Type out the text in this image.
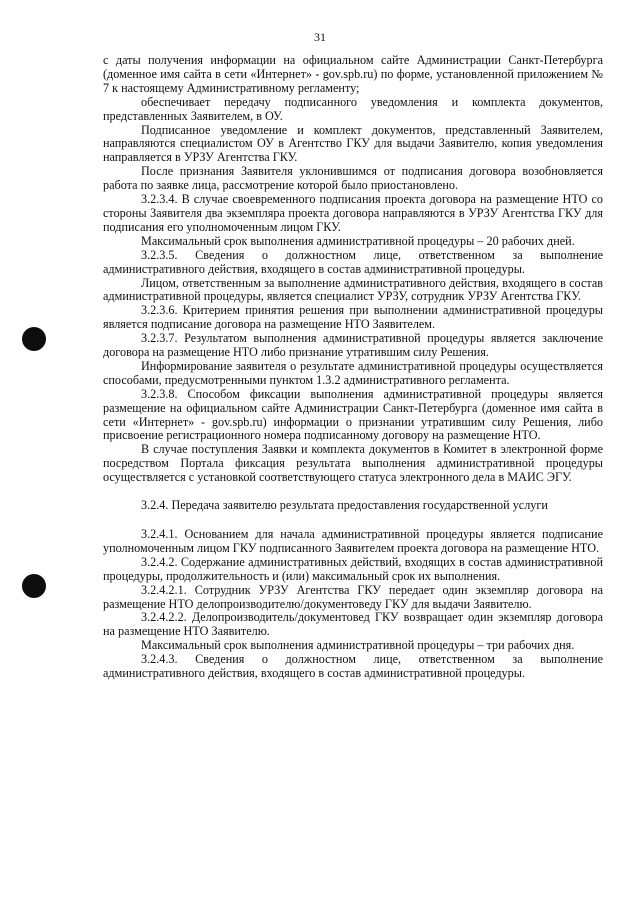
31

с даты получения информации на официальном сайте Администрации Санкт-Петербурга (доменное имя сайта в сети «Интернет» - gov.spb.ru) по форме, установленной приложением № 7 к настоящему Административному регламенту;

обеспечивает передачу подписанного уведомления и комплекта документов, представленных Заявителем, в ОУ.

Подписанное уведомление и комплект документов, представленный Заявителем, направляются специалистом ОУ в Агентство ГКУ для выдачи Заявителю, копия уведомления направляется в УРЗУ Агентства ГКУ.

После признания Заявителя уклонившимся от подписания договора возобновляется работа по заявке лица, рассмотрение которой было приостановлено.

3.2.3.4. В случае своевременного подписания проекта договора на размещение НТО со стороны Заявителя два экземпляра проекта договора направляются в УРЗУ Агентства ГКУ для подписания его уполномоченным лицом ГКУ.

Максимальный срок выполнения административной процедуры – 20 рабочих дней.

3.2.3.5. Сведения о должностном лице, ответственном за выполнение административного действия, входящего в состав административной процедуры.

Лицом, ответственным за выполнение административного действия, входящего в состав административной процедуры, является специалист УРЗУ, сотрудник УРЗУ Агентства ГКУ.

3.2.3.6. Критерием принятия решения при выполнении административной процедуры является подписание договора на размещение НТО Заявителем.

3.2.3.7. Результатом выполнения административной процедуры является заключение договора на размещение НТО либо признание утратившим силу Решения.

Информирование заявителя о результате административной процедуры осуществляется способами, предусмотренными пунктом 1.3.2 административного регламента.

3.2.3.8. Способом фиксации выполнения административной процедуры является размещение на официальном сайте Администрации Санкт-Петербурга (доменное имя сайта в сети «Интернет» - gov.spb.ru) информации о признании утратившим силу Решения, либо присвоение регистрационного номера подписанному договору на размещение НТО.

В случае поступления Заявки и комплекта документов в Комитет в электронной форме посредством Портала фиксация результата выполнения административной процедуры осуществляется с установкой соответствующего статуса электронного дела в МАИС ЭГУ.

3.2.4. Передача заявителю результата предоставления государственной услуги

3.2.4.1. Основанием для начала административной процедуры является подписание уполномоченным лицом ГКУ подписанного Заявителем проекта договора на размещение НТО.

3.2.4.2. Содержание административных действий, входящих в состав административной процедуры, продолжительность и (или) максимальный срок их выполнения.

3.2.4.2.1. Сотрудник УРЗУ Агентства ГКУ передает один экземпляр договора на размещение НТО делопроизводителю/документоведу ГКУ для выдачи Заявителю.

3.2.4.2.2. Делопроизводитель/документовед ГКУ возвращает один экземпляр договора на размещение НТО Заявителю.

Максимальный срок выполнения административной процедуры – три рабочих дня.

3.2.4.3. Сведения о должностном лице, ответственном за выполнение административного действия, входящего в состав административной процедуры.
